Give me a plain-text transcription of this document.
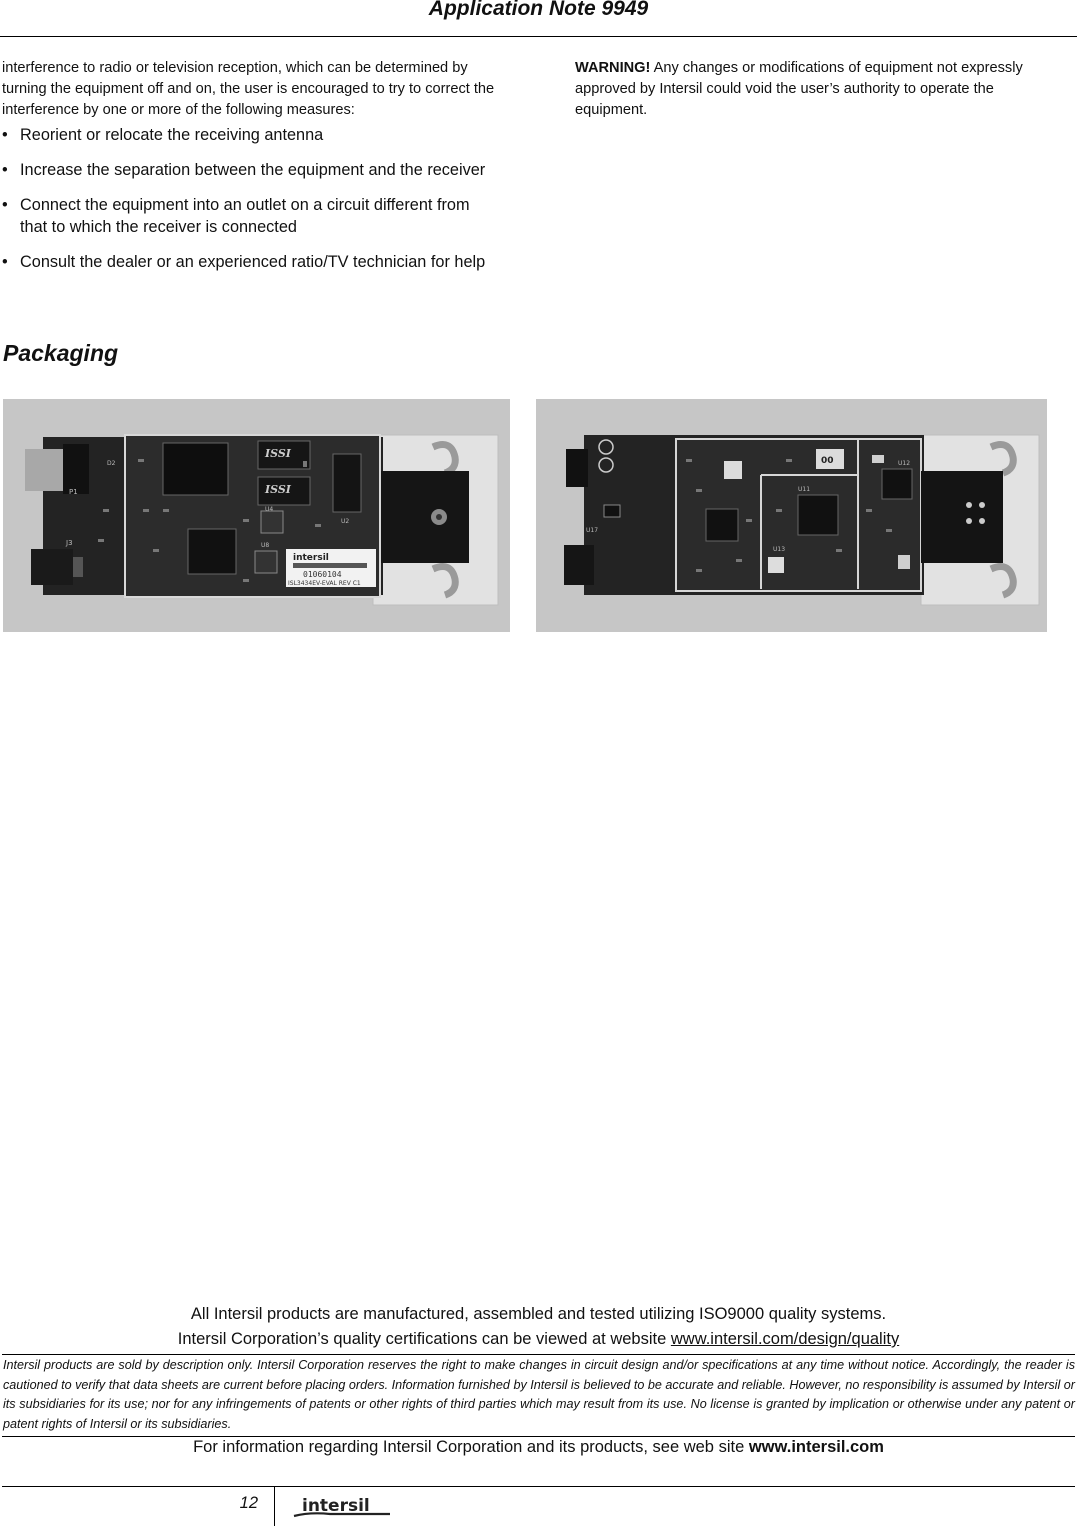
Application Note 9949

interference to radio or television reception, which can be determined by turning the equipment off and on, the user is encouraged to try to correct the interference by one or more of the following measures:

• Reorient or relocate the receiving antenna
• Increase the separation between the equipment and the receiver
• Connect the equipment into an outlet on a circuit different from that to which the receiver is connected
• Consult the dealer or an experienced ratio/TV technician for help

WARNING! Any changes or modifications of equipment not expressly approved by Intersil could void the user’s authority to operate the equipment.

Packaging
ISSI
ISSI
intersil
01060104
ISL3434EV-EVAL REV C1
P1
J3
U4
U8
U2
D2	00
U17
U13
U11
U12
All Intersil products are manufactured, assembled and tested utilizing ISO9000 quality systems.
Intersil Corporation’s quality certifications can be viewed at website www.intersil.com/design/quality

Intersil products are sold by description only. Intersil Corporation reserves the right to make changes in circuit design and/or specifications at any time without notice. Accordingly, the reader is cautioned to verify that data sheets are current before placing orders. Information furnished by Intersil is believed to be accurate and reliable. However, no responsibility is assumed by Intersil or its subsidiaries for its use; nor for any infringements of patents or other rights of third parties which may result from its use. No license is granted by implication or otherwise under any patent or patent rights of Intersil or its subsidiaries.

For information regarding Intersil Corporation and its products, see web site www.intersil.com
12	intersil
